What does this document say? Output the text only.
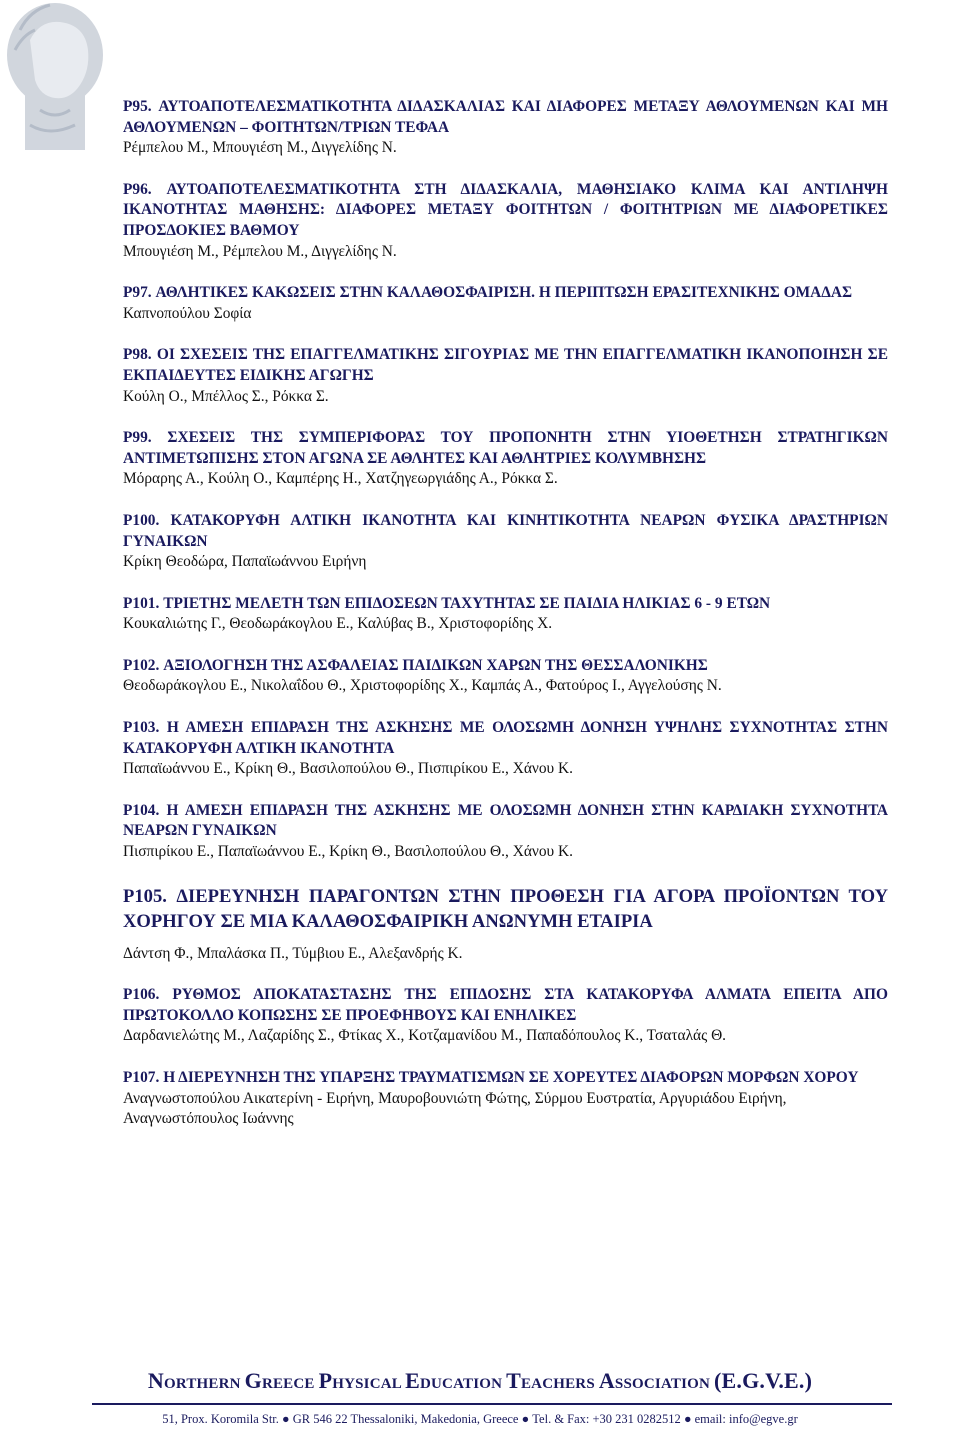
P95. ΑΥΤΟΑΠΟΤΕΛΕΣΜΑΤΙΚΟΤΗΤΑ ΔΙΔΑΣΚΑΛΙΑΣ ΚΑΙ ΔΙΑΦΟΡΕΣ ΜΕΤΑΞΥ ΑΘΛΟΥΜΕΝΩΝ ΚΑΙ ΜΗ ΑΘΛΟΥΜΕΝΩΝ – ΦΟΙΤΗΤΩΝ/ΤΡΙΩΝ ΤΕΦΑΑ
Ρέμπελου Μ., Μπουγιέση Μ., Διγγελίδης Ν.
P96. ΑΥΤΟΑΠΟΤΕΛΕΣΜΑΤΙΚΟΤΗΤΑ ΣΤΗ ΔΙΔΑΣΚΑΛΙΑ, ΜΑΘΗΣΙΑΚΟ ΚΛΙΜΑ ΚΑΙ ΑΝΤΙΛΗΨΗ ΙΚΑΝΟΤΗΤΑΣ ΜΑΘΗΣΗΣ: ΔΙΑΦΟΡΕΣ ΜΕΤΑΞΥ ΦΟΙΤΗΤΩΝ / ΦΟΙΤΗΤΡΙΩΝ ΜΕ ΔΙΑΦΟΡΕΤΙΚΕΣ ΠΡΟΣΔΟΚΙΕΣ ΒΑΘΜΟΥ
Μπουγιέση Μ., Ρέμπελου Μ., Διγγελίδης Ν.
P97. ΑΘΛΗΤΙΚΕΣ ΚΑΚΩΣΕΙΣ ΣΤΗΝ ΚΑΛΑΘΟΣΦΑΙΡΙΣΗ. Η ΠΕΡΙΠΤΩΣΗ ΕΡΑΣΙΤΕΧΝΙΚΗΣ ΟΜΑΔΑΣ
Καπνοπούλου Σοφία
P98. ΟΙ ΣΧΕΣΕΙΣ ΤΗΣ ΕΠΑΓΓΕΛΜΑΤΙΚΗΣ ΣΙΓΟΥΡΙΑΣ ΜΕ ΤΗΝ ΕΠΑΓΓΕΛΜΑΤΙΚΗ ΙΚΑΝΟΠΟΙΗΣΗ ΣΕ ΕΚΠΑΙΔΕΥΤΕΣ ΕΙΔΙΚΗΣ ΑΓΩΓΗΣ
Κούλη Ο., Μπέλλος Σ., Ρόκκα Σ.
P99. ΣΧΕΣΕΙΣ ΤΗΣ ΣΥΜΠΕΡΙΦΟΡΑΣ ΤΟΥ ΠΡΟΠΟΝΗΤΗ ΣΤΗΝ ΥΙΟΘΕΤΗΣΗ ΣΤΡΑΤΗΓΙΚΩΝ ΑΝΤΙΜΕΤΩΠΙΣΗΣ ΣΤΟΝ ΑΓΩΝΑ ΣΕ ΑΘΛΗΤΕΣ ΚΑΙ ΑΘΛΗΤΡΙΕΣ ΚΟΛΥΜΒΗΣΗΣ
Μόραρης Α., Κούλη Ο., Καμπέρης Η., Χατζηγεωργιάδης Α., Ρόκκα Σ.
P100. ΚΑΤΑΚΟΡΥΦΗ ΑΛΤΙΚΗ ΙΚΑΝΟΤΗΤΑ ΚΑΙ ΚΙΝΗΤΙΚΟΤΗΤΑ ΝΕΑΡΩΝ ΦΥΣΙΚΑ ΔΡΑΣΤΗΡΙΩΝ ΓΥΝΑΙΚΩΝ
Κρίκη Θεοδώρα, Παπαϊωάννου Ειρήνη
P101. ΤΡΙΕΤΗΣ ΜΕΛΕΤΗ ΤΩΝ ΕΠΙΔΟΣΕΩΝ ΤΑΧΥΤΗΤΑΣ ΣΕ ΠΑΙΔΙΑ ΗΛΙΚΙΑΣ 6 - 9 ΕΤΩΝ
Κουκαλιώτης Γ., Θεοδωράκογλου Ε., Καλύβας Β., Χριστοφορίδης Χ.
P102. ΑΞΙΟΛΟΓΗΣΗ ΤΗΣ ΑΣΦΑΛΕΙΑΣ ΠΑΙΔΙΚΩΝ ΧΑΡΩΝ ΤΗΣ ΘΕΣΣΑΛΟΝΙΚΗΣ
Θεοδωράκογλου Ε., Νικολαΐδου Θ., Χριστοφορίδης Χ., Καμπάς Α., Φατούρος Ι., Αγγελούσης Ν.
P103. Η ΑΜΕΣΗ ΕΠΙΔΡΑΣΗ ΤΗΣ ΑΣΚΗΣΗΣ ΜΕ ΟΛΟΣΩΜΗ ΔΟΝΗΣΗ ΥΨΗΛΗΣ ΣΥΧΝΟΤΗΤΑΣ ΣΤΗΝ ΚΑΤΑΚΟΡΥΦΗ ΑΛΤΙΚΗ ΙΚΑΝΟΤΗΤΑ
Παπαϊωάννου Ε., Κρίκη Θ., Βασιλοπούλου Θ., Πισπιρίκου Ε., Χάνου Κ.
P104. Η ΑΜΕΣΗ ΕΠΙΔΡΑΣΗ ΤΗΣ ΑΣΚΗΣΗΣ ΜΕ ΟΛΟΣΩΜΗ ΔΟΝΗΣΗ ΣΤΗΝ ΚΑΡΔΙΑΚΗ ΣΥΧΝΟΤΗΤΑ ΝΕΑΡΩΝ ΓΥΝΑΙΚΩΝ
Πισπιρίκου Ε., Παπαϊωάννου Ε., Κρίκη Θ., Βασιλοπούλου Θ., Χάνου Κ.
P105. ΔΙΕΡΕΥΝΗΣΗ ΠΑΡΑΓΟΝΤΩΝ ΣΤΗΝ ΠΡΟΘΕΣΗ ΓΙΑ ΑΓΟΡΑ ΠΡΟΪΟΝΤΩΝ ΤΟΥ ΧΟΡΗΓΟΥ ΣΕ ΜΙΑ ΚΑΛΑΘΟΣΦΑΙΡΙΚΗ ΑΝΩΝΥΜΗ ΕΤΑΙΡΙΑ
Δάντση Φ., Μπαλάσκα Π., Τύμβιου Ε., Αλεξανδρής Κ.
P106. ΡΥΘΜΟΣ ΑΠΟΚΑΤΑΣΤΑΣΗΣ ΤΗΣ ΕΠΙΔΟΣΗΣ ΣΤΑ ΚΑΤΑΚΟΡΥΦΑ ΑΛΜΑΤΑ ΕΠΕΙΤΑ ΑΠΟ ΠΡΩΤΟΚΟΛΛΟ ΚΟΠΩΣΗΣ ΣΕ ΠΡΟΕΦΗΒΟΥΣ ΚΑΙ ΕΝΗΛΙΚΕΣ
Δαρδανιελώτης Μ., Λαζαρίδης Σ., Φτίκας Χ., Κοτζαμανίδου Μ., Παπαδόπουλος Κ., Τσαταλάς Θ.
P107. Η ΔΙΕΡΕΥΝΗΣΗ ΤΗΣ ΥΠΑΡΞΗΣ ΤΡΑΥΜΑΤΙΣΜΩΝ ΣΕ ΧΟΡΕΥΤΕΣ ΔΙΑΦΟΡΩΝ ΜΟΡΦΩΝ ΧΟΡΟΥ
Αναγνωστοπούλου Αικατερίνη - Ειρήνη, Μαυροβουνιώτη Φώτης, Σύρμου Ευστρατία, Αργυριάδου Ειρήνη, Αναγνωστόπουλος Ιωάννης
NORTHERN GREECE PHYSICAL EDUCATION TEACHERS ASSOCIATION (E.G.V.E.)
51, Prox. Koromila Str. ● GR 546 22 Thessaloniki, Makedonia, Greece ● Tel. & Fax: +30 231 0282512 ● email: info@egve.gr
